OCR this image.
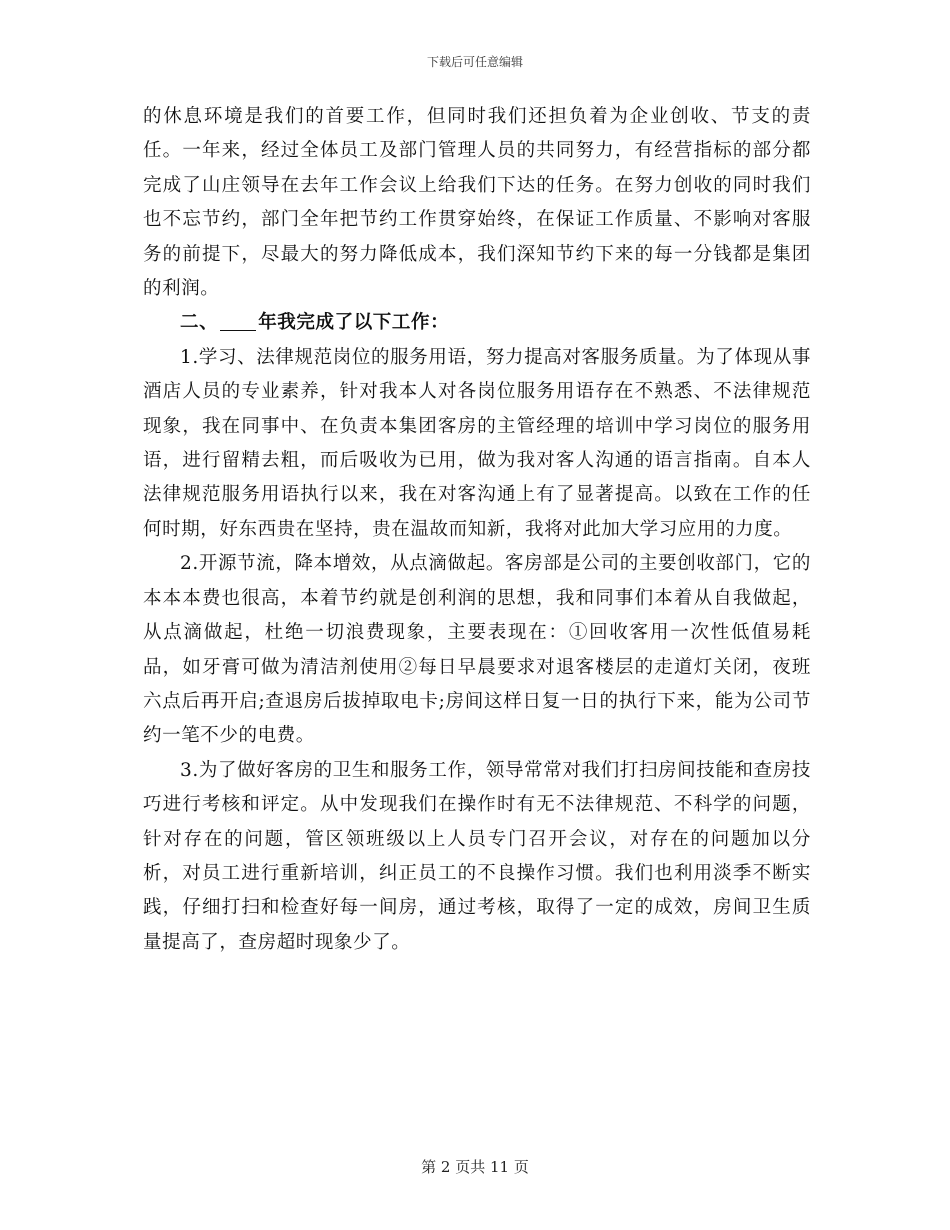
下载后可任意编辑

的休息环境是我们的首要工作，但同时我们还担负着为企业创收、节支的责任。一年来，经过全体员工及部门管理人员的共同努力，有经营指标的部分都完成了山庄领导在去年工作会议上给我们下达的任务。在努力创收的同时我们也不忘节约，部门全年把节约工作贯穿始终，在保证工作质量、不影响对客服务的前提下，尽最大的努力降低成本，我们深知节约下来的每一分钱都是集团的利润。

二、 年我完成了以下工作：

1.学习、法律规范岗位的服务用语，努力提高对客服务质量。为了体现从事酒店人员的专业素养，针对我本人对各岗位服务用语存在不熟悉、不法律规范现象，我在同事中、在负责本集团客房的主管经理的培训中学习岗位的服务用语，进行留精去粗，而后吸收为已用，做为我对客人沟通的语言指南。自本人法律规范服务用语执行以来，我在对客沟通上有了显著提高。以致在工作的任何时期，好东西贵在坚持，贵在温故而知新，我将对此加大学习应用的力度。

2.开源节流，降本增效，从点滴做起。客房部是公司的主要创收部门，它的本本本费也很高，本着节约就是创利润的思想，我和同事们本着从自我做起，从点滴做起，杜绝一切浪费现象，主要表现在：①回收客用一次性低值易耗品，如牙膏可做为清洁剂使用②每日早晨要求对退客楼层的走道灯关闭，夜班六点后再开启;查退房后拔掉取电卡;房间这样日复一日的执行下来，能为公司节约一笔不少的电费。

3.为了做好客房的卫生和服务工作，领导常常对我们打扫房间技能和查房技巧进行考核和评定。从中发现我们在操作时有无不法律规范、不科学的问题，针对存在的问题，管区领班级以上人员专门召开会议，对存在的问题加以分析，对员工进行重新培训，纠正员工的不良操作习惯。我们也利用淡季不断实践，仔细打扫和检查好每一间房，通过考核，取得了一定的成效，房间卫生质量提高了，查房超时现象少了。

第 2 页共 11 页
